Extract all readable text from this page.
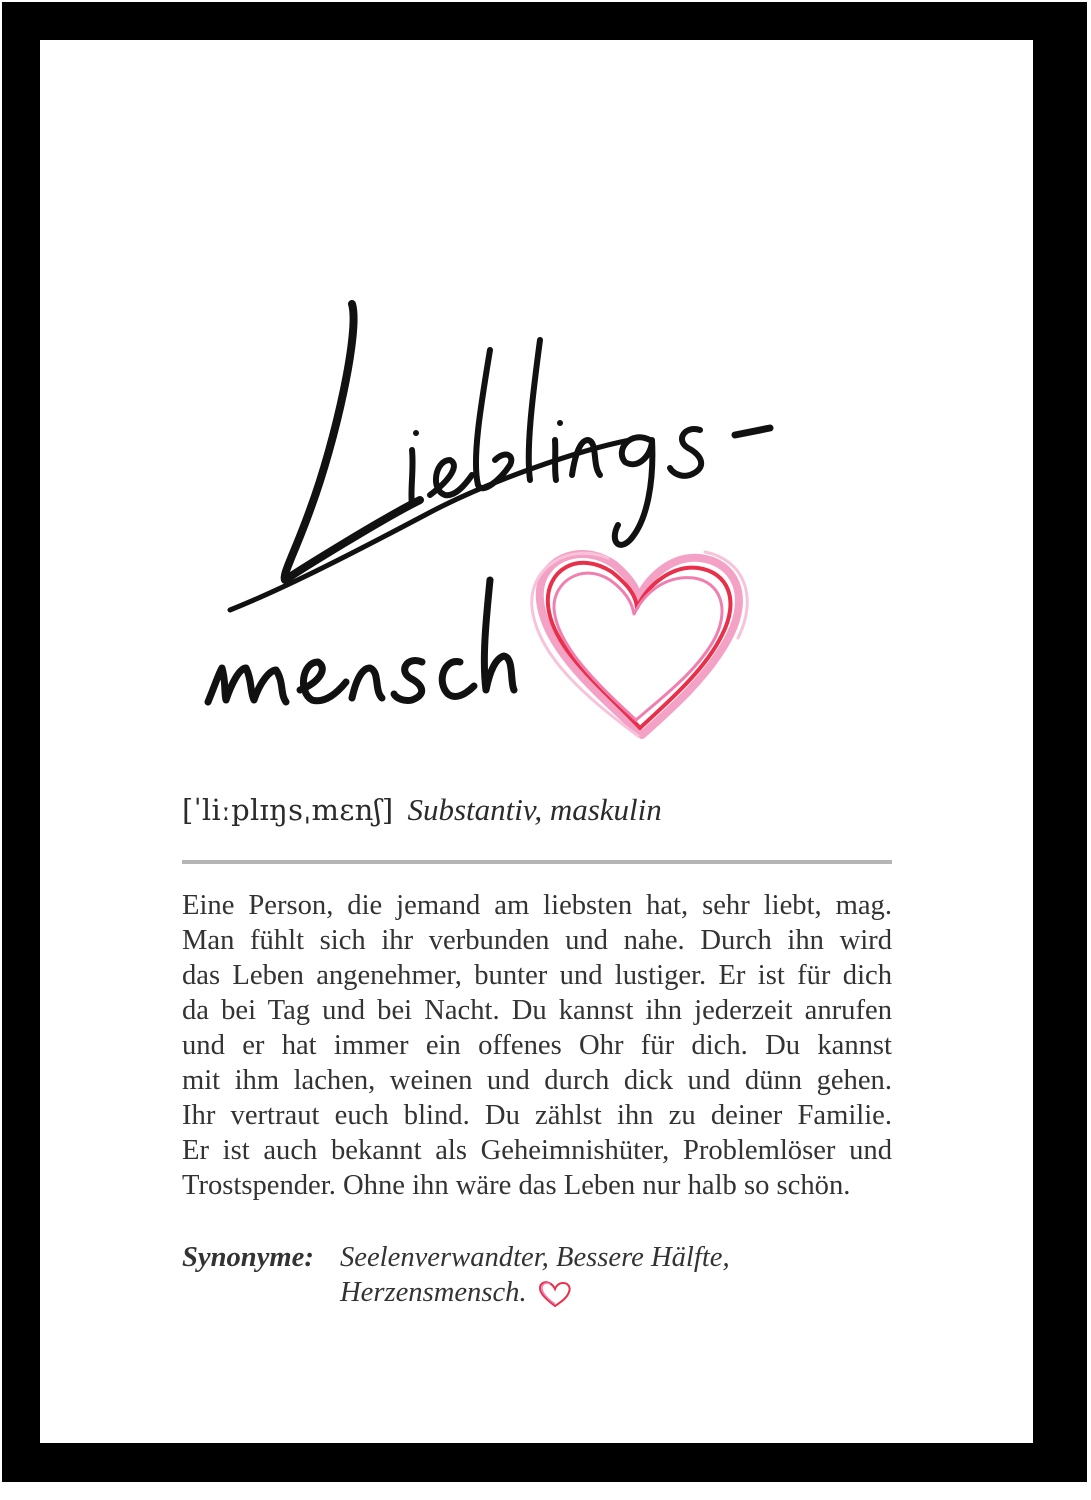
[ˈliːplɪŋsˌmɛnʃ] Substantiv, maskulin
Eine Person, die jemand am liebsten hat, sehr liebt, mag.
Man fühlt sich ihr verbunden und nahe. Durch ihn wird
das Leben angenehmer, bunter und lustiger. Er ist für dich
da bei Tag und bei Nacht. Du kannst ihn jederzeit anrufen
und er hat immer ein offenes Ohr für dich. Du kannst
mit ihm lachen, weinen und durch dick und dünn gehen.
Ihr vertraut euch blind. Du zählst ihn zu deiner Familie.
Er ist auch bekannt als Geheimnishüter, Problemlöser und
Trostspender. Ohne ihn wäre das Leben nur halb so schön.
Synonyme: Seelenverwandter, Bessere Hälfte,
Herzensmensch.
